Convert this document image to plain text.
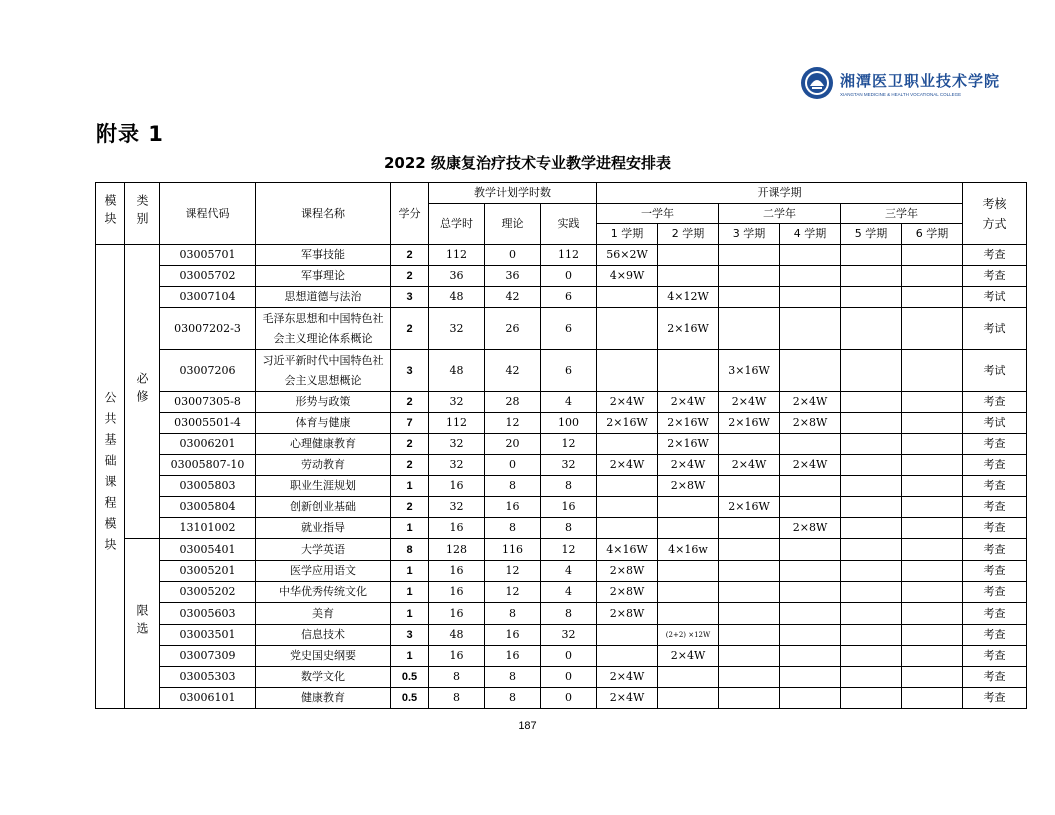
湘潭医卫职业技术学院
XIANGTAN MEDICINE & HEALTH VOCATIONAL COLLEGE
附录 1
2022 级康复治疗技术专业教学进程安排表
模块	类别	课程代码	课程名称	学分	教学计划学时数			开课学期						考核方式

					总学时	理论	实践	一学年		二学年		三学年		
								1 学期	2 学期	3 学期	4 学期	5 学期	6 学期	
公共基础课程模块	必修	03005701	军事技能	2	112	0	112	56×2W						考查
		03005702	军事理论	2	36	36	0	4×9W						考查
		03007104	思想道德与法治	3	48	42	6		4×12W					考试
		03007202-3	毛泽东思想和中国特色社
会主义理论体系概论	2	32	26	6		2×16W					考试
		03007206	习近平新时代中国特色社
会主义思想概论	3	48	42	6			3×16W				考试
		03007305-8	形势与政策	2	32	28	4	2×4W	2×4W	2×4W	2×4W			考查
		03005501-4	体育与健康	7	112	12	100	2×16W	2×16W	2×16W	2×8W			考试
		03006201	心理健康教育	2	32	20	12		2×16W					考查
		03005807-10	劳动教育	2	32	0	32	2×4W	2×4W	2×4W	2×4W			考查
		03005803	职业生涯规划	1	16	8	8		2×8W					考查
		03005804	创新创业基础	2	32	16	16			2×16W				考查
		13101002	就业指导	1	16	8	8				2×8W			考查
	限选	03005401	大学英语	8	128	116	12	4×16W	4×16w					考查
		03005201	医学应用语文	1	16	12	4	2×8W						考查
		03005202	中华优秀传统文化	1	16	12	4	2×8W						考查
		03005603	美育	1	16	8	8	2×8W						考查
		03003501	信息技术	3	48	16	32		(2+2) ×12W					考查
		03007309	党史国史纲要	1	16	16	0		2×4W					考查
		03005303	数学文化	0.5	8	8	0	2×4W						考查
		03006101	健康教育	0.5	8	8	0	2×4W						考查
187
